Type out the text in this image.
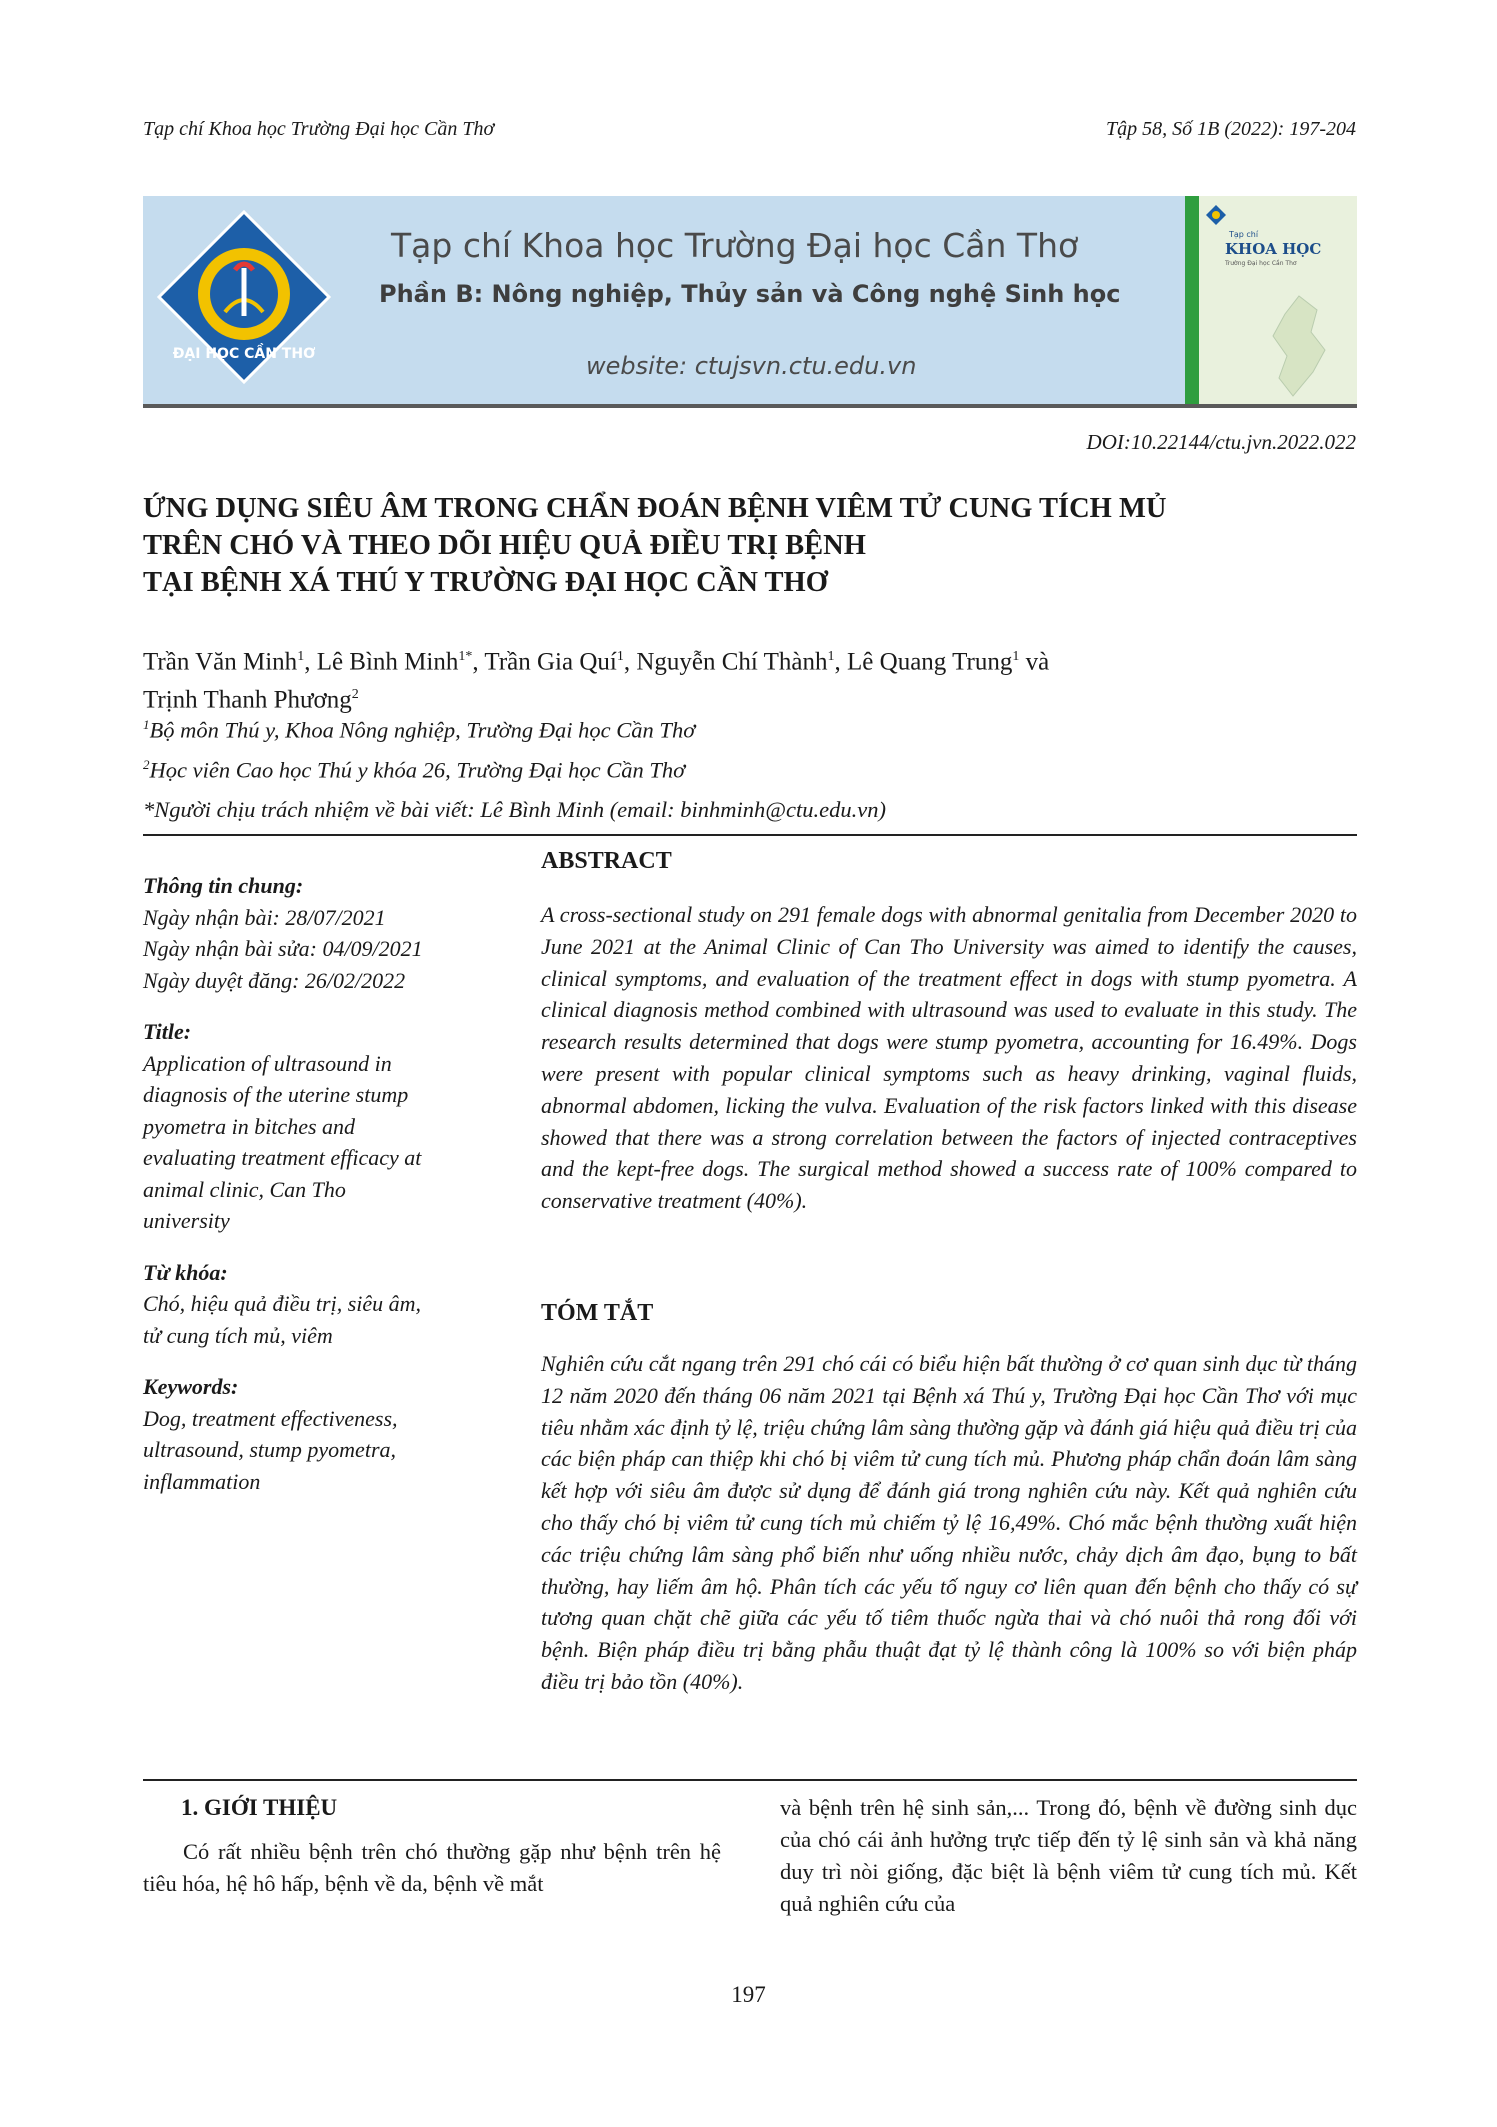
Tạp chí Khoa học Trường Đại học Cần Thơ	Tập 58, Số 1B (2022): 197-204
ĐẠI HỌC CẦN THƠ
Tạp chí Khoa học Trường Đại học Cần Thơ
Phần B: Nông nghiệp, Thủy sản và Công nghệ Sinh học
website: ctujsvn.ctu.edu.vn
Tạp chí
KHOA HỌC
Trường Đại học Cần Thơ
DOI:10.22144/ctu.jvn.2022.022
ỨNG DỤNG SIÊU ÂM TRONG CHẨN ĐOÁN BỆNH VIÊM TỬ CUNG TÍCH MỦ
TRÊN CHÓ VÀ THEO DÕI HIỆU QUẢ ĐIỀU TRỊ BỆNH
TẠI BỆNH XÁ THÚ Y TRƯỜNG ĐẠI HỌC CẦN THƠ
Trần Văn Minh$^1$, Lê Bình Minh$^{1*}$, Trần Gia Quí$^1$, Nguyễn Chí Thành$^1$, Lê Quang Trung$^1$ và
Trịnh Thanh Phương$^2$
$^1$Bộ môn Thú y, Khoa Nông nghiệp, Trường Đại học Cần Thơ
$^2$Học viên Cao học Thú y khóa 26, Trường Đại học Cần Thơ
*Người chịu trách nhiệm về bài viết: Lê Bình Minh (email: binhminh@ctu.edu.vn)
Thông tin chung:
Ngày nhận bài: 28/07/2021
Ngày nhận bài sửa: 04/09/2021
Ngày duyệt đăng: 26/02/2022
Title:
Application of ultrasound in
diagnosis of the uterine stump
pyometra in bitches and
evaluating treatment efficacy at
animal clinic, Can Tho
university
Từ khóa:
Chó, hiệu quả điều trị, siêu âm,
tử cung tích mủ, viêm
Keywords:
Dog, treatment effectiveness,
ultrasound, stump pyometra,
inflammation
ABSTRACT
A cross-sectional study on 291 female dogs with abnormal genitalia from December 2020 to June 2021 at the Animal Clinic of Can Tho University was aimed to identify the causes, clinical symptoms, and evaluation of the treatment effect in dogs with stump pyometra. A clinical diagnosis method combined with ultrasound was used to evaluate in this study. The research results determined that dogs were stump pyometra, accounting for 16.49%. Dogs were present with popular clinical symptoms such as heavy drinking, vaginal fluids, abnormal abdomen, licking the vulva. Evaluation of the risk factors linked with this disease showed that there was a strong correlation between the factors of injected contraceptives and the kept-free dogs. The surgical method showed a success rate of 100% compared to conservative treatment (40%).
TÓM TẮT
Nghiên cứu cắt ngang trên 291 chó cái có biểu hiện bất thường ở cơ quan sinh dục từ tháng 12 năm 2020 đến tháng 06 năm 2021 tại Bệnh xá Thú y, Trường Đại học Cần Thơ với mục tiêu nhằm xác định tỷ lệ, triệu chứng lâm sàng thường gặp và đánh giá hiệu quả điều trị của các biện pháp can thiệp khi chó bị viêm tử cung tích mủ. Phương pháp chẩn đoán lâm sàng kết hợp với siêu âm được sử dụng để đánh giá trong nghiên cứu này. Kết quả nghiên cứu cho thấy chó bị viêm tử cung tích mủ chiếm tỷ lệ 16,49%. Chó mắc bệnh thường xuất hiện các triệu chứng lâm sàng phổ biến như uống nhiều nước, chảy dịch âm đạo, bụng to bất thường, hay liếm âm hộ. Phân tích các yếu tố nguy cơ liên quan đến bệnh cho thấy có sự tương quan chặt chẽ giữa các yếu tố tiêm thuốc ngừa thai và chó nuôi thả rong đối với bệnh. Biện pháp điều trị bằng phẫu thuật đạt tỷ lệ thành công là 100% so với biện pháp điều trị bảo tồn (40%).
1. GIỚI THIỆU
Có rất nhiều bệnh trên chó thường gặp như bệnh trên hệ tiêu hóa, hệ hô hấp, bệnh về da, bệnh về mắt
và bệnh trên hệ sinh sản,... Trong đó, bệnh về đường sinh dục của chó cái ảnh hưởng trực tiếp đến tỷ lệ sinh sản và khả năng duy trì nòi giống, đặc biệt là bệnh viêm tử cung tích mủ. Kết quả nghiên cứu của
197
